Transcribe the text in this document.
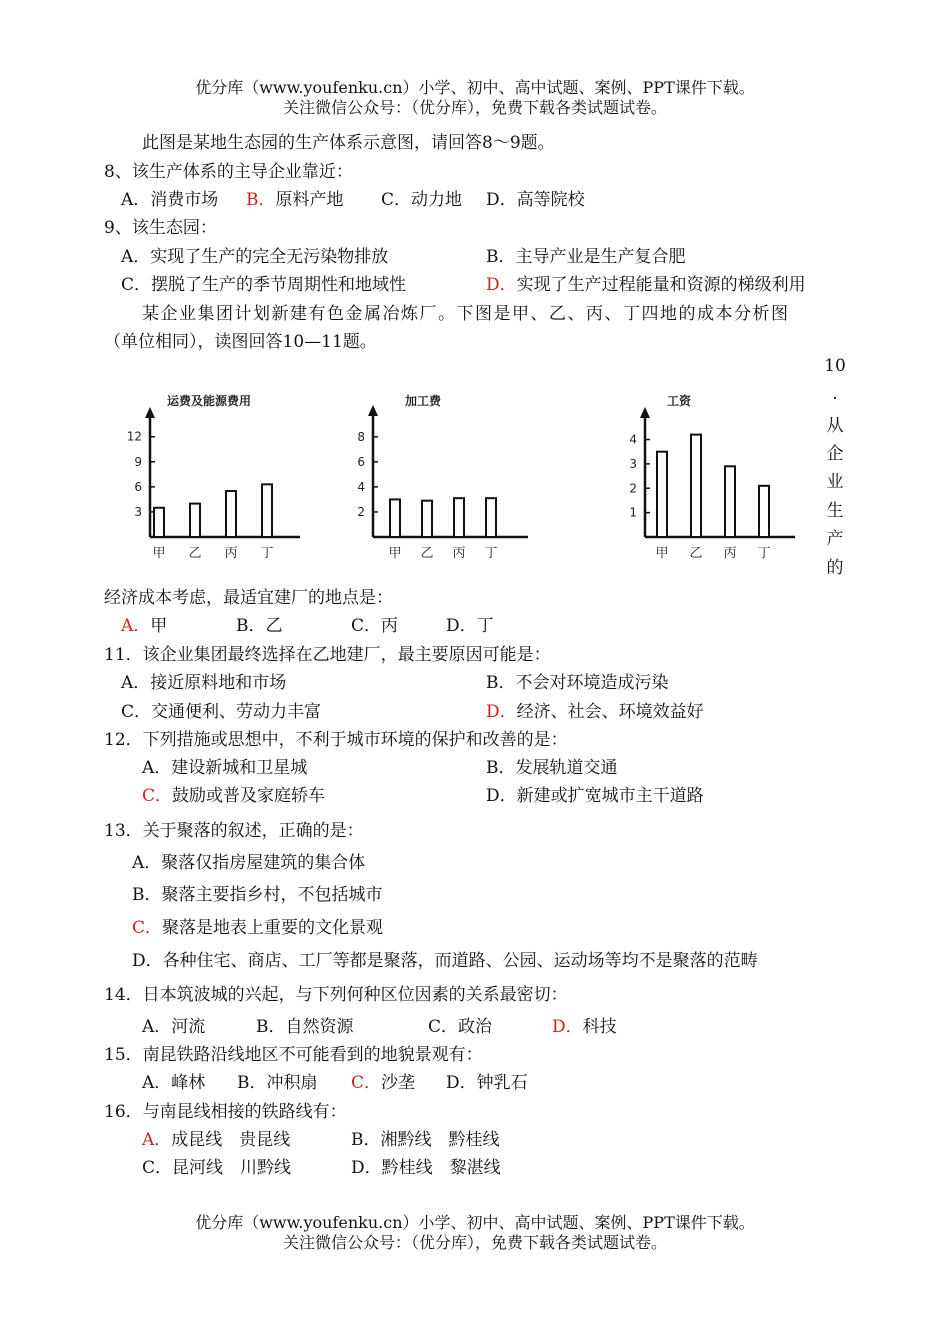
优分库（www.youfenku.cn）小学、初中、高中试题、案例、PPT课件下载。
关注微信公众号：（优分库），免费下载各类试题试卷。
此图是某地生态园的生产体系示意图，请回答8～9题。
8、该生产体系的主导企业靠近：
A．消费市场 B．原料产地 C．动力地 D．高等院校
9、该生态园：
A．实现了生产的完全无污染物排放	B．主导产业是生产复合肥
C．摆脱了生产的季节周期性和地域性	D．实现了生产过程能量和资源的梯级利用
某企业集团计划新建有色金属冶炼厂。下图是甲、乙、丙、丁四地的成本分析图
（单位相同），读图回答10—11题。
运费及能源费用
3
6
9
12
甲 乙 丙 丁
加工费
2
4
6
8
甲 乙 丙 丁
工资
1
2
3
4
甲 乙 丙 丁
10
.
从
企
业
生
产
的
经济成本考虑，最适宜建厂的地点是：
A．甲	B．乙	C．丙	D．丁
11．该企业集团最终选择在乙地建厂，最主要原因可能是：
A．接近原料地和市场	B．不会对环境造成污染
C．交通便利、劳动力丰富	D．经济、社会、环境效益好
12．下列措施或思想中，不利于城市环境的保护和改善的是：
A．建设新城和卫星城	B．发展轨道交通
C．鼓励或普及家庭轿车	D．新建或扩宽城市主干道路
13．关于聚落的叙述，正确的是：
A．聚落仅指房屋建筑的集合体
B．聚落主要指乡村，不包括城市
C．聚落是地表上重要的文化景观
D．各种住宅、商店、工厂等都是聚落，而道路、公园、运动场等均不是聚落的范畴
14．日本筑波城的兴起，与下列何种区位因素的关系最密切：
A．河流	B．自然资源	C．政治	D．科技
15．南昆铁路沿线地区不可能看到的地貌景观有：
A．峰林 B．冲积扇 C．沙垄 D．钟乳石
16．与南昆线相接的铁路线有：
A．成昆线　贵昆线	B．湘黔线　黔桂线
C．昆河线　川黔线	D．黔桂线　黎湛线
优分库（www.youfenku.cn）小学、初中、高中试题、案例、PPT课件下载。
关注微信公众号：（优分库），免费下载各类试题试卷。
